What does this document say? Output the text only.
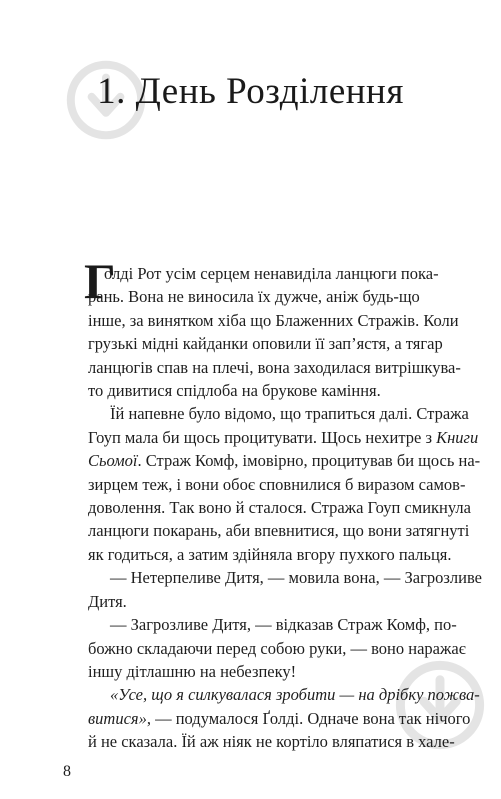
1. День Розділення
Г
олді Рот усім серцем ненавиділа ланцюги пока-
рань. Вона не виносила їх дужче, аніж будь-що
інше, за винятком хіба що Блаженних Стражів. Коли
грузькі мідні кайданки оповили її зап’ястя, а тягар
ланцюгів спав на плечі, вона заходилася витрішкува-
то дивитися спідлоба на брукове каміння.
Їй напевне було відомо, що трапиться далі. Стража
Гоуп мала би щось процитувати. Щось нехитре з Книги
Сьомої. Страж Комф, імовірно, процитував би щось на-
зирцем теж, і вони обоє сповнилися б виразом самов-
доволення. Так воно й сталося. Стража Гоуп смикнула
ланцюги покарань, аби впевнитися, що вони затягнуті
як годиться, а затим здійняла вгору пухкого пальця.
— Нетерпеливе Дитя, — мовила вона, — Загрозливе
Дитя.
— Загрозливе Дитя, — відказав Страж Комф, по-
божно складаючи перед собою руки, — воно наражає
іншу дітлашню на небезпеку!
«Усе, що я силкувалася зробити — на дрібку пожва-
витися», — подумалося Ґолді. Одначе вона так нічого
й не сказала. Їй аж ніяк не кортіло вляпатися в хале-
8
